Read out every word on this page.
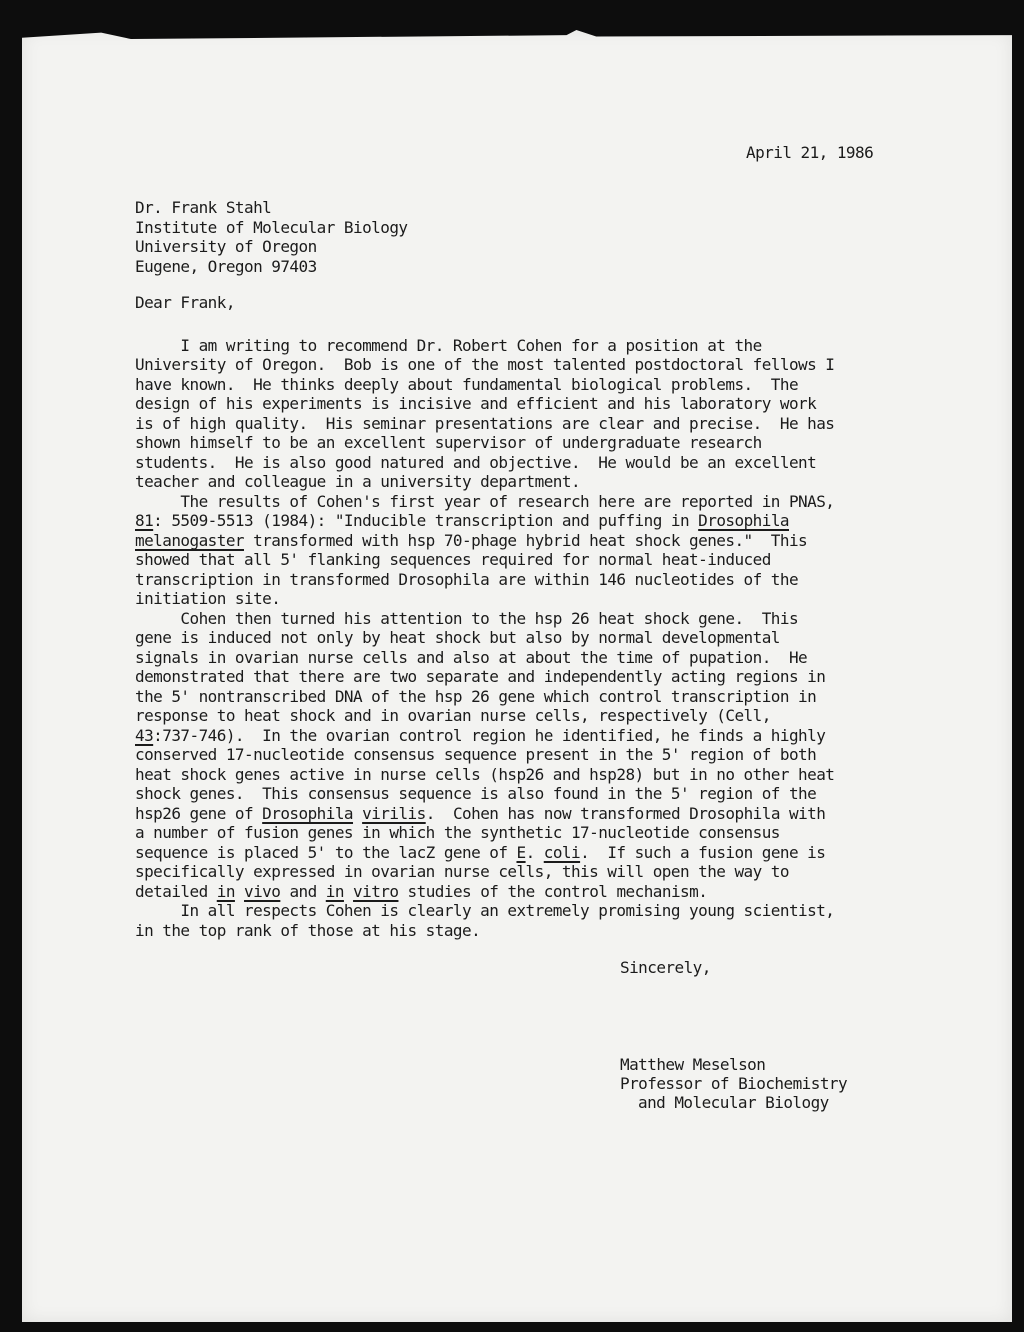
April 21, 1986
Dr. Frank Stahl
Institute of Molecular Biology
University of Oregon
Eugene, Oregon 97403
Dear Frank,
I am writing to recommend Dr. Robert Cohen for a position at the
University of Oregon.  Bob is one of the most talented postdoctoral fellows I
have known.  He thinks deeply about fundamental biological problems.  The
design of his experiments is incisive and efficient and his laboratory work
is of high quality.  His seminar presentations are clear and precise.  He has
shown himself to be an excellent supervisor of undergraduate research
students.  He is also good natured and objective.  He would be an excellent
teacher and colleague in a university department.
The results of Cohen's first year of research here are reported in PNAS,
81: 5509-5513 (1984): "Inducible transcription and puffing in Drosophila
melanogaster transformed with hsp 70-phage hybrid heat shock genes."  This
showed that all 5' flanking sequences required for normal heat-induced
transcription in transformed Drosophila are within 146 nucleotides of the
initiation site.
Cohen then turned his attention to the hsp 26 heat shock gene.  This
gene is induced not only by heat shock but also by normal developmental
signals in ovarian nurse cells and also at about the time of pupation.  He
demonstrated that there are two separate and independently acting regions in
the 5' nontranscribed DNA of the hsp 26 gene which control transcription in
response to heat shock and in ovarian nurse cells, respectively (Cell,
43:737-746).  In the ovarian control region he identified, he finds a highly
conserved 17-nucleotide consensus sequence present in the 5' region of both
heat shock genes active in nurse cells (hsp26 and hsp28) but in no other heat
shock genes.  This consensus sequence is also found in the 5' region of the
hsp26 gene of Drosophila virilis.  Cohen has now transformed Drosophila with
a number of fusion genes in which the synthetic 17-nucleotide consensus
sequence is placed 5' to the lacZ gene of E. coli.  If such a fusion gene is
specifically expressed in ovarian nurse cells, this will open the way to
detailed in vivo and in vitro studies of the control mechanism.
In all respects Cohen is clearly an extremely promising young scientist,
in the top rank of those at his stage.
Sincerely,
Matthew Meselson
Professor of Biochemistry
and Molecular Biology
